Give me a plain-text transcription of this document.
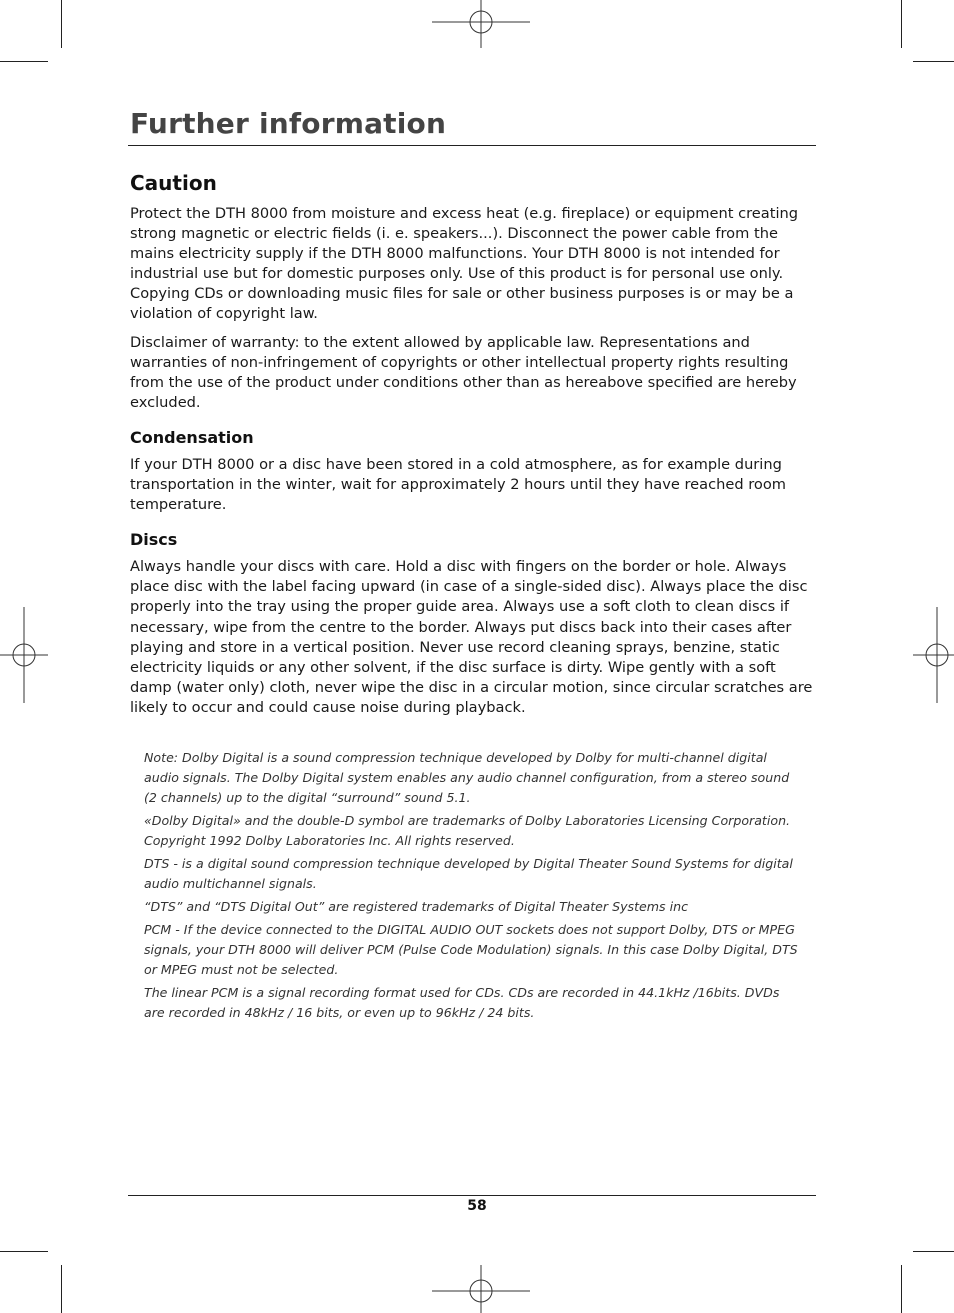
Further information
Caution

Protect the DTH 8000 from moisture and excess heat (e.g. fireplace) or equipment creating strong magnetic or electric fields (i. e. speakers...). Disconnect the power cable from the mains electricity supply if the DTH 8000 malfunctions. Your DTH 8000 is not intended for industrial use but for domestic purposes only. Use of this product is for personal use only. Copying CDs or downloading music files for sale or other business purposes is or may be a violation of copyright law.

Disclaimer of warranty: to the extent allowed by applicable law. Representations and warranties of non-infringement of copyrights or other intellectual property rights resulting from the use of the product under conditions other than as hereabove specified are hereby excluded.

Condensation

If your DTH 8000 or a disc have been stored in a cold atmosphere, as for example during transportation in the winter, wait for approximately 2 hours until they have reached room temperature.

Discs

Always handle your discs with care. Hold a disc with fingers on the border or hole. Always place disc with the label facing upward (in case of a single-sided disc). Always place the disc properly into the tray using the proper guide area. Always use a soft cloth to clean discs if necessary, wipe from the centre to the border. Always put discs back into their cases after playing and store in a vertical position. Never use record cleaning sprays, benzine, static electricity liquids or any other solvent, if the disc surface is dirty. Wipe gently with a soft damp (water only) cloth, never wipe the disc in a circular motion, since circular scratches are likely to occur and could cause noise during playback.

Note: Dolby Digital is a sound compression technique developed by Dolby for multi-channel digital audio signals. The Dolby Digital system enables any audio channel configuration, from a stereo sound (2 channels) up to the digital “surround” sound 5.1.

«Dolby Digital» and the double-D symbol are trademarks of Dolby Laboratories Licensing Corporation. Copyright 1992 Dolby Laboratories Inc. All rights reserved.

DTS - is a digital sound compression technique developed by Digital Theater Sound Systems for digital audio multichannel signals.

“DTS” and “DTS Digital Out” are registered trademarks of Digital Theater Systems inc

PCM - If the device connected to the DIGITAL AUDIO OUT sockets does not support Dolby, DTS or MPEG signals, your DTH 8000 will deliver PCM (Pulse Code Modulation) signals. In this case Dolby Digital, DTS or MPEG must not be selected.

The linear PCM is a signal recording format used for CDs. CDs are recorded in 44.1kHz /16bits. DVDs are recorded in 48kHz / 16 bits, or even up to 96kHz / 24 bits.

58
